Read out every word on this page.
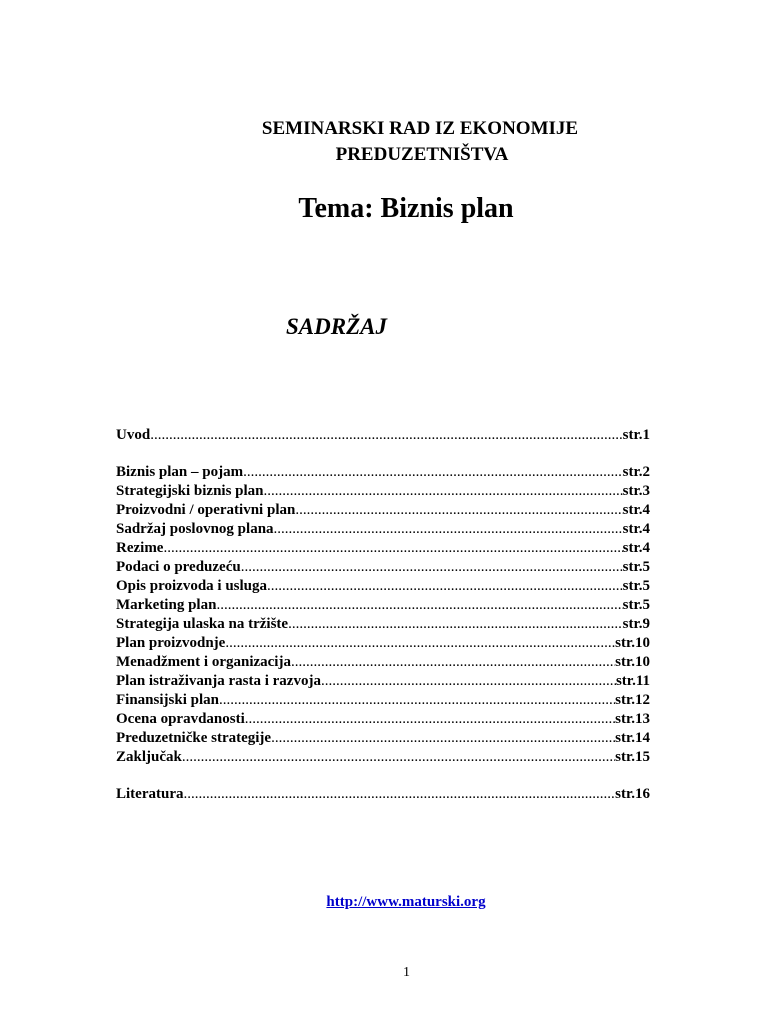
SEMINARSKI RAD IZ EKONOMIJE

PREDUZETNIŠTVA

Tema: Biznis plan

SADRŽAJ

Uvod .....	str.1
Biznis plan – pojam .....	str.2
Strategijski biznis plan .....	str.3
Proizvodni / operativni plan .....	str.4
Sadržaj poslovnog plana .....	str.4
Rezime .....	str.4
Podaci o preduzeću .....	str.5
Opis proizvoda i usluga .....	str.5
Marketing plan .....	str.5
Strategija ulaska na tržište .....	str.9
Plan proizvodnje .....	str.10
Menadžment i organizacija .....	str.10
Plan istraživanja rasta i razvoja .....	str.11
Finansijski plan .....	str.12
Ocena opravdanosti .....	str.13
Preduzetničke strategije .....	str.14
Zaključak .....	str.15
Literatura .....	str.16
http://www.maturski.org
1
